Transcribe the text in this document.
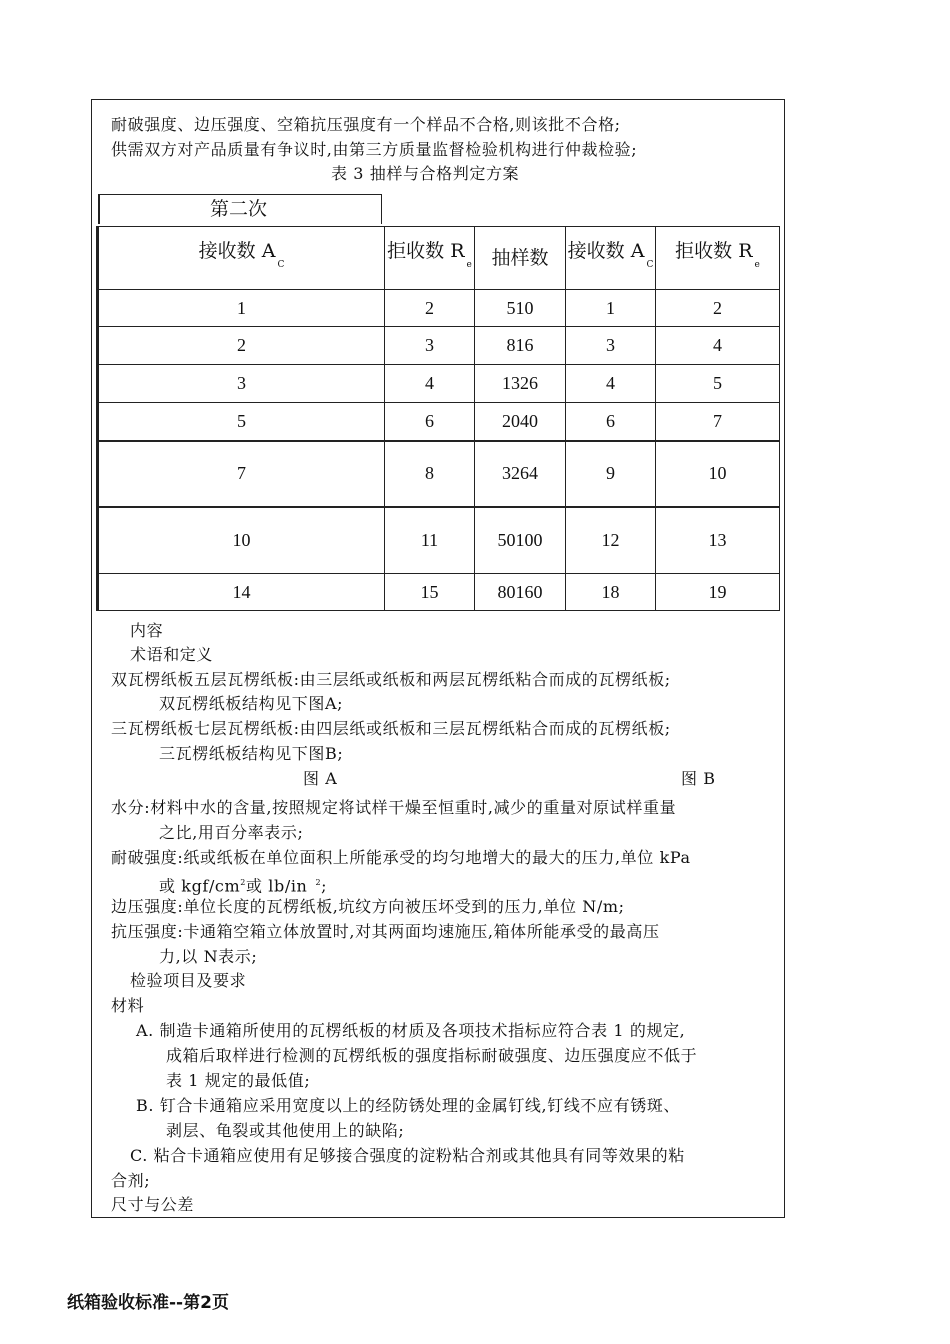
耐破强度、边压强度、空箱抗压强度有一个样品不合格,则该批不合格;
供需双方对产品质量有争议时,由第三方质量监督检验机构进行仲裁检验;
表 3 抽样与合格判定方案
第二次
接收数 $A_C$	拒收数 $R_e$	抽样数	接收数 $A_C$	拒收数 $R_e$
1	2	510	1	2
2	3	816	3	4
3	4	1326	4	5
5	6	2040	6	7
7	8	3264	9	10
10	11	50100	12	13
14	15	80160	18	19
内容
术语和定义
双瓦楞纸板五层瓦楞纸板:由三层纸或纸板和两层瓦楞纸粘合而成的瓦楞纸板;
双瓦楞纸板结构见下图A;
三瓦楞纸板七层瓦楞纸板:由四层纸或纸板和三层瓦楞纸粘合而成的瓦楞纸板;
三瓦楞纸板结构见下图B;
图 A	图 B
水分:材料中水的含量,按照规定将试样干燥至恒重时,减少的重量对原试样重量
之比,用百分率表示;
耐破强度:纸或纸板在单位面积上所能承受的均匀地增大的最大的压力,单位 kPa
或 kgf/$cm^2$或 lb/in $^2$;
边压强度:单位长度的瓦楞纸板,坑纹方向被压坏受到的压力,单位 N/m;
抗压强度:卡通箱空箱立体放置时,对其两面均速施压,箱体所能承受的最高压
力,以 N表示;
检验项目及要求
材料
A. 制造卡通箱所使用的瓦楞纸板的材质及各项技术指标应符合表 1 的规定,
成箱后取样进行检测的瓦楞纸板的强度指标耐破强度、边压强度应不低于
表 1 规定的最低值;
B. 钉合卡通箱应采用宽度以上的经防锈处理的金属钉线,钉线不应有锈斑、
剥层、龟裂或其他使用上的缺陷;
C. 粘合卡通箱应使用有足够接合强度的淀粉粘合剂或其他具有同等效果的粘
合剂;
尺寸与公差
纸箱验收标准--第2页
